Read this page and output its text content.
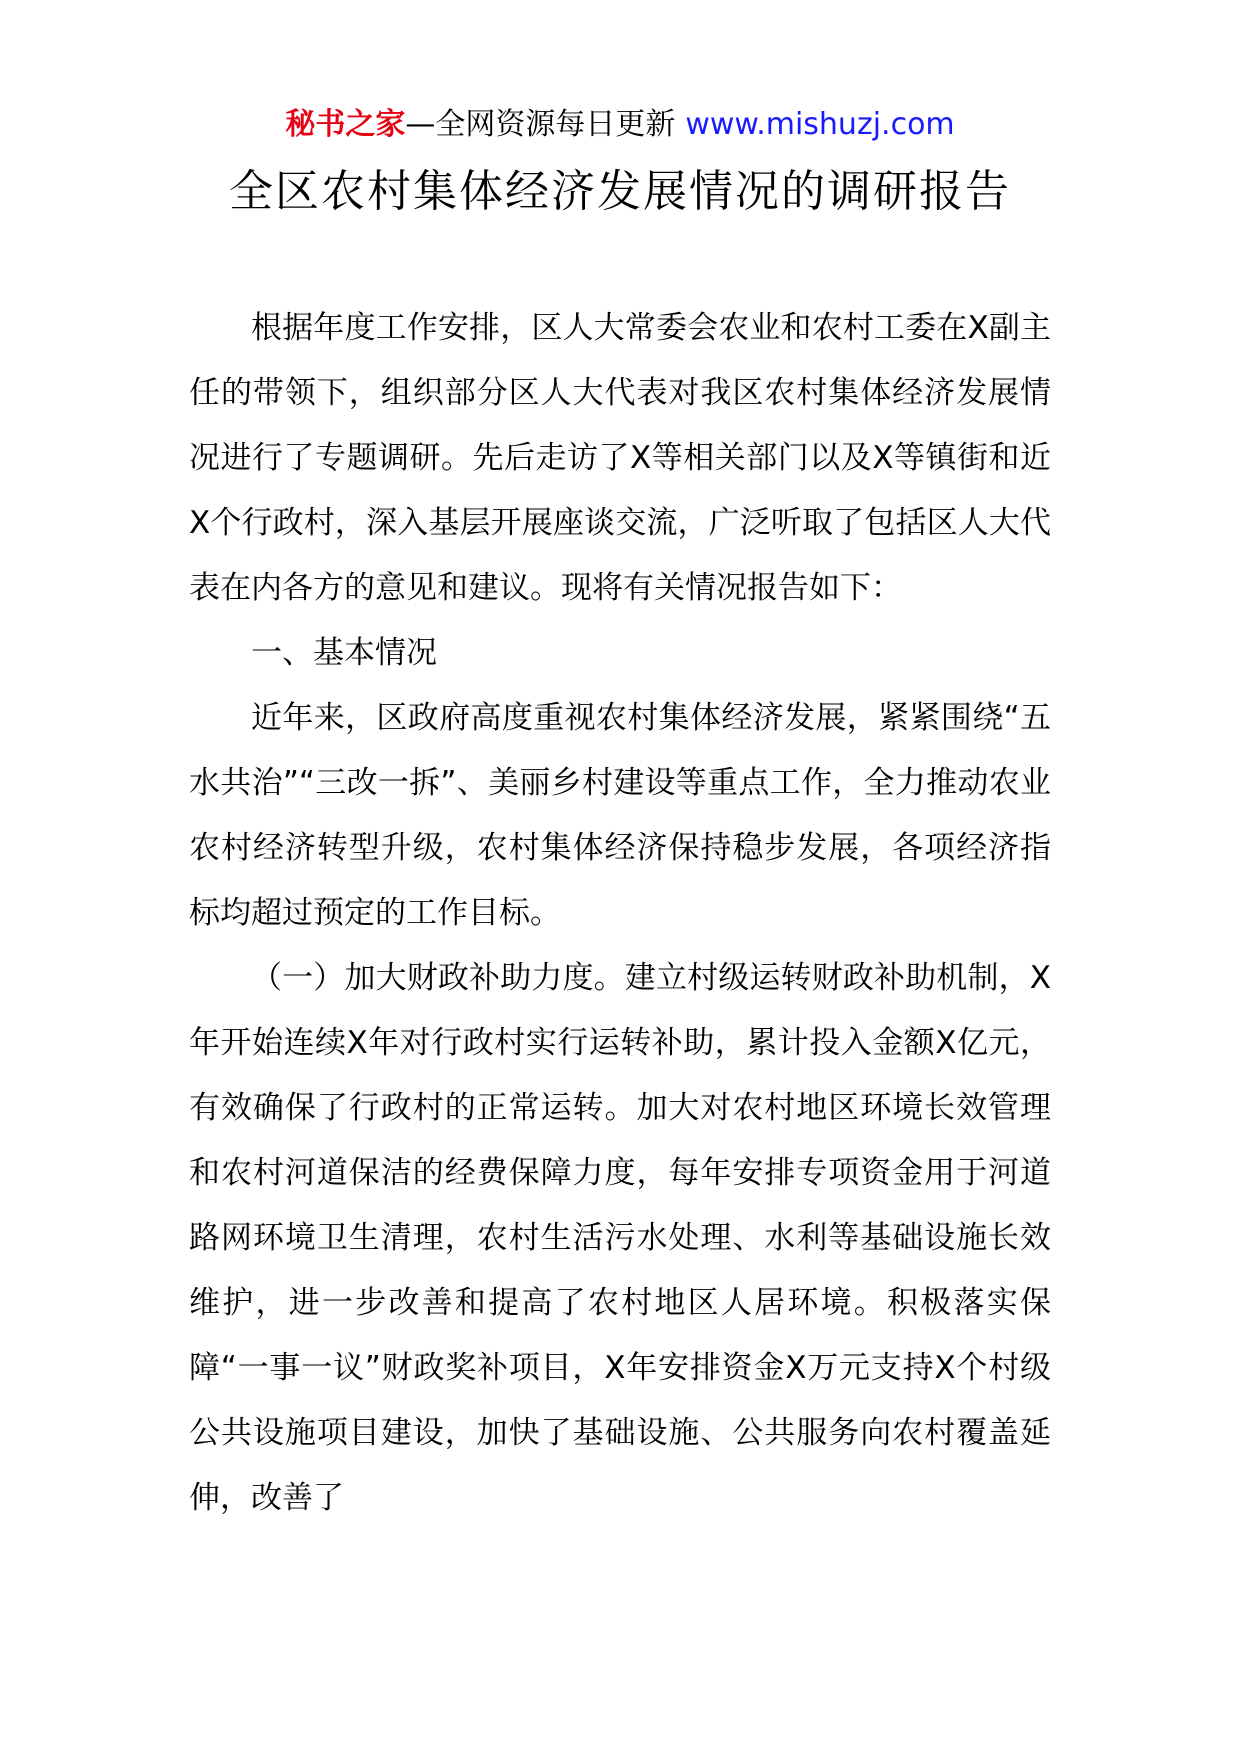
秘书之家—全网资源每日更新 www.mishuzj.com
全区农村集体经济发展情况的调研报告

根据年度工作安排，区人大常委会农业和农村工委在X副主任的带领下，组织部分区人大代表对我区农村集体经济发展情况进行了专题调研。先后走访了X等相关部门以及X等镇街和近X个行政村，深入基层开展座谈交流，广泛听取了包括区人大代表在内各方的意见和建议。现将有关情况报告如下：

一、基本情况

近年来，区政府高度重视农村集体经济发展，紧紧围绕“五水共治”“三改一拆”、美丽乡村建设等重点工作，全力推动农业农村经济转型升级，农村集体经济保持稳步发展，各项经济指标均超过预定的工作目标。

（一）加大财政补助力度。建立村级运转财政补助机制，X年开始连续X年对行政村实行运转补助，累计投入金额X亿元，有效确保了行政村的正常运转。加大对农村地区环境长效管理和农村河道保洁的经费保障力度，每年安排专项资金用于河道路网环境卫生清理，农村生活污水处理、水利等基础设施长效维护，进一步改善和提高了农村地区人居环境。积极落实保障“一事一议”财政奖补项目，X年安排资金X万元支持X个村级公共设施项目建设，加快了基础设施、公共服务向农村覆盖延伸，改善了
